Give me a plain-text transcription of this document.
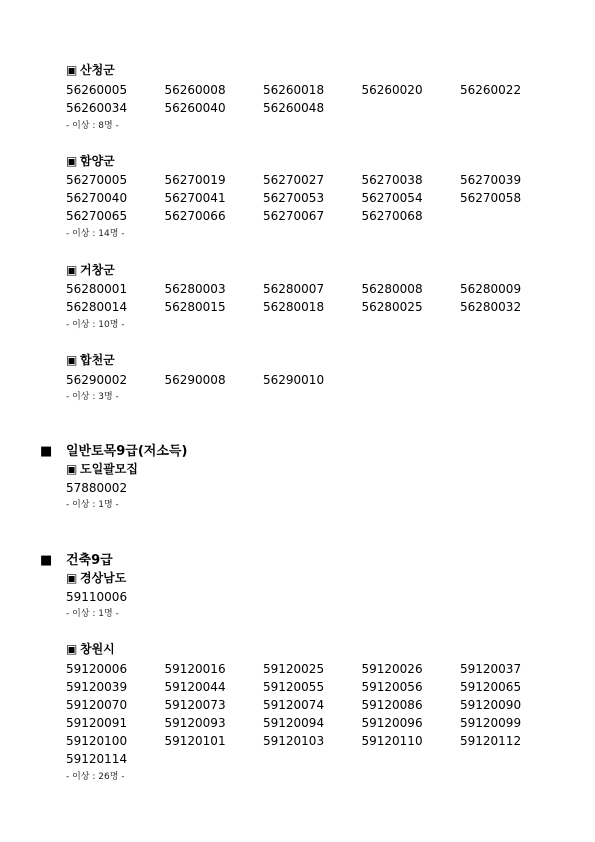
▣ 산청군
56260005	56260008	56260018	56260020	56260022
56260034	56260040	56260048
- 이상 : 8명 -
▣ 함양군
56270005	56270019	56270027	56270038	56270039
56270040	56270041	56270053	56270054	56270058
56270065	56270066	56270067	56270068
- 이상 : 14명 -
▣ 거창군
56280001	56280003	56280007	56280008	56280009
56280014	56280015	56280018	56280025	56280032
- 이상 : 10명 -
▣ 합천군
56290002	56290008	56290010
- 이상 : 3명 -
■ 일반토목9급(저소득)
▣ 도일괄모집
57880002
- 이상 : 1명 -
■ 건축9급
▣ 경상남도
59110006
- 이상 : 1명 -
▣ 창원시
59120006	59120016	59120025	59120026	59120037
59120039	59120044	59120055	59120056	59120065
59120070	59120073	59120074	59120086	59120090
59120091	59120093	59120094	59120096	59120099
59120100	59120101	59120103	59120110	59120112
59120114
- 이상 : 26명 -
